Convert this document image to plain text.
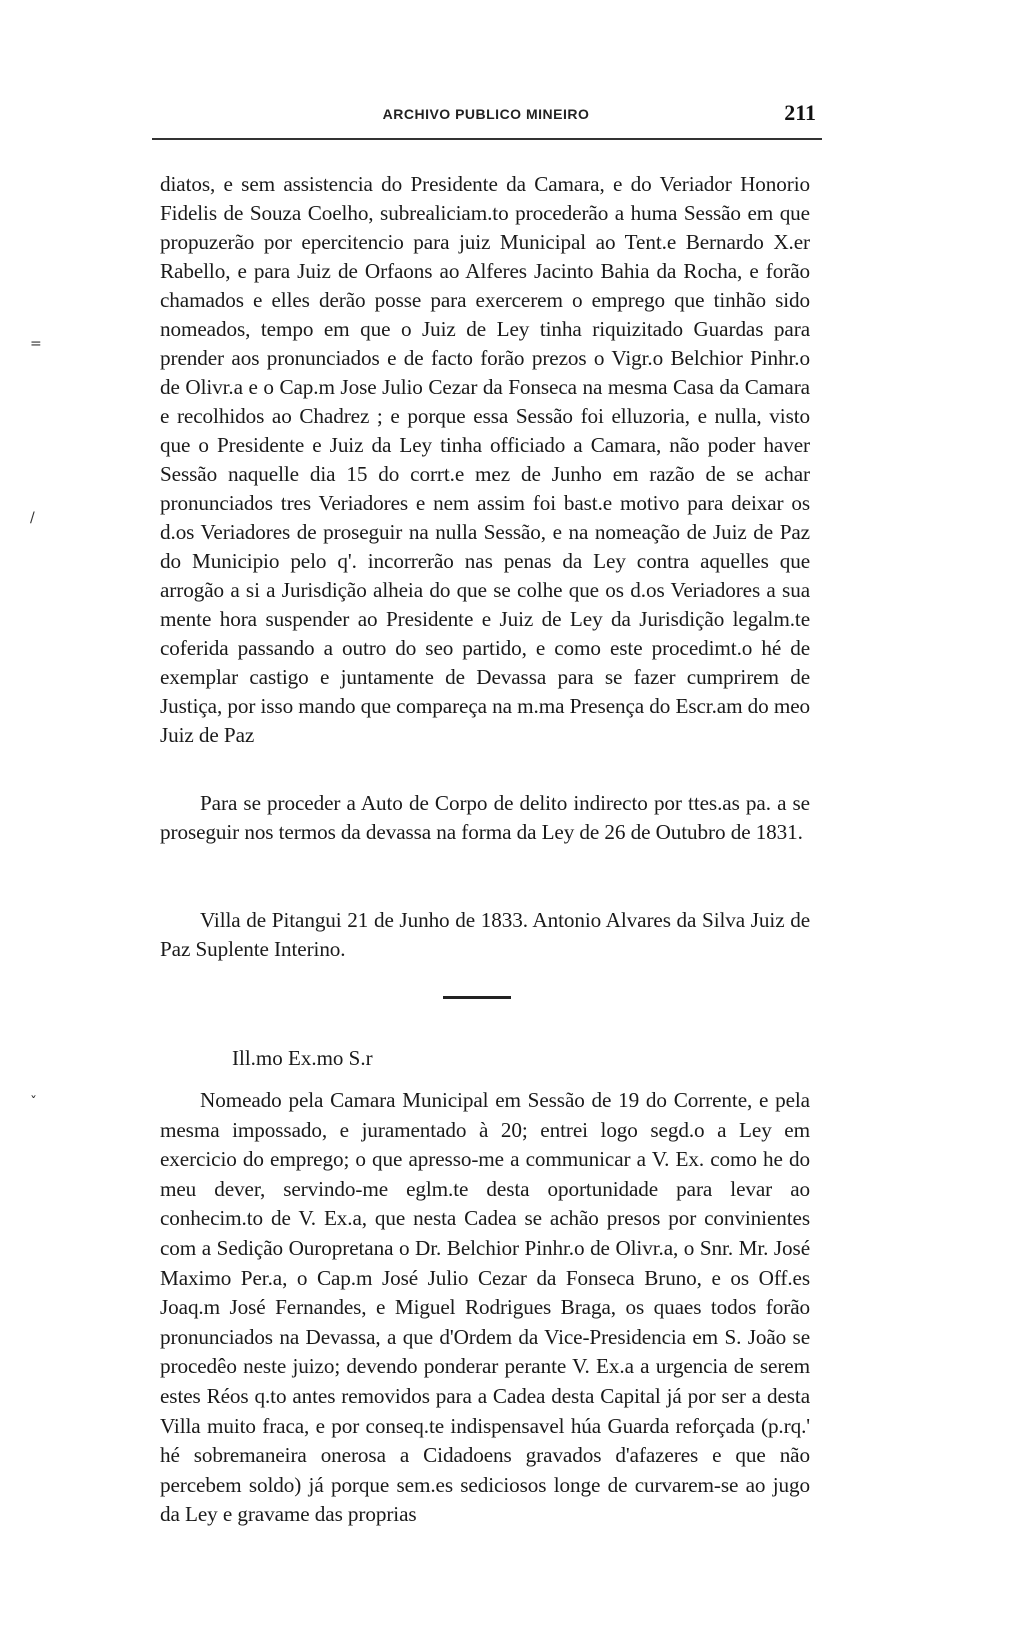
ARCHIVO PUBLICO MINEIRO	211

diatos, e sem assistencia do Presidente da Camara, e do Veriador Honorio Fidelis de Souza Coelho, subrealiciam.to procederão a huma Sessão em que propuzerão por epercitencio para juiz Municipal ao Tent.e Bernardo X.er Rabello, e para Juiz de Orfaons ao Alferes Jacinto Bahia da Rocha, e forão chamados e elles derão posse para exercerem o emprego que tinhão sido nomeados, tempo em que o Juiz de Ley tinha riquizitado Guardas para prender aos pronunciados e de facto forão prezos o Vigr.o Belchior Pinhr.o de Olivr.a e o Cap.m Jose Julio Cezar da Fonseca na mesma Casa da Camara e recolhidos ao Chadrez ; e porque essa Sessão foi elluzoria, e nulla, visto que o Presidente e Juiz da Ley tinha officiado a Camara, não poder haver Sessão naquelle dia 15 do corrt.e mez de Junho em razão de se achar pronunciados tres Veriadores e nem assim foi bast.e motivo para deixar os d.os Veriadores de proseguir na nulla Sessão, e na nomeação de Juiz de Paz do Municipio pelo q'. incorrerão nas penas da Ley contra aquelles que arrogão a si a Jurisdição alheia do que se colhe que os d.os Veriadores a sua mente hora suspender ao Presidente e Juiz de Ley da Jurisdição legalm.te coferida passando a outro do seo partido, e como este procedimt.o hé de exemplar castigo e juntamente de Devassa para se fazer cumprirem de Justiça, por isso mando que compareça na m.ma Presença do Escr.am do meo Juiz de Paz

Para se proceder a Auto de Corpo de delito indirecto por ttes.as pa. a se proseguir nos termos da devassa na forma da Ley de 26 de Outubro de 1831.

Villa de Pitangui 21 de Junho de 1833. Antonio Alvares da Silva Juiz de Paz Suplente Interino.

Ill.mo Ex.mo S.r

Nomeado pela Camara Municipal em Sessão de 19 do Corrente, e pela mesma impossado, e juramentado à 20; entrei logo segd.o a Ley em exercicio do emprego; o que apresso-me a communicar a V. Ex. como he do meu dever, servindo-me eglm.te desta oportunidade para levar ao conhecim.to de V. Ex.a, que nesta Cadea se achão presos por convinientes com a Sedição Ouropretana o Dr. Belchior Pinhr.o de Olivr.a, o Snr. Mr. José Maximo Per.a, o Cap.m José Julio Cezar da Fonseca Bruno, e os Off.es Joaq.m José Fernandes, e Miguel Rodrigues Braga, os quaes todos forão pronunciados na Devassa, a que d'Ordem da Vice-Presidencia em S. João se procedêo neste juizo; devendo ponderar perante V. Ex.a a urgencia de serem estes Réos q.to antes removidos para a Cadea desta Capital já por ser a desta Villa muito fraca, e por conseq.te indispensavel húa Guarda reforçada (p.rq.' hé sobremaneira onerosa a Cidadoens gravados d'afazeres e que não percebem soldo) já porque sem.es sediciosos longe de curvarem-se ao jugo da Ley e gravame das proprias

=
/
ˇ
